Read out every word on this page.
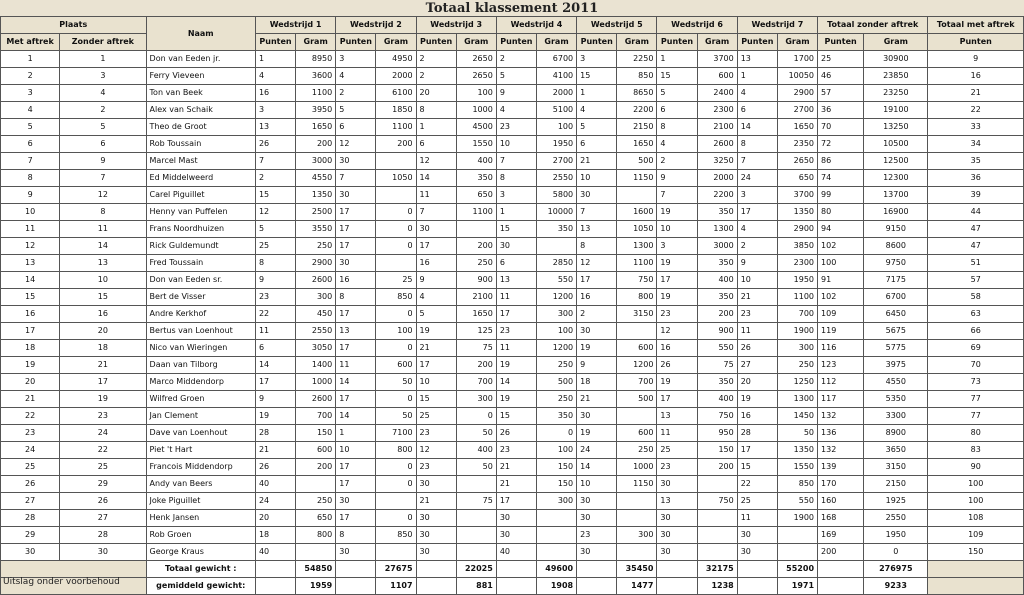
Totaal klassement 2011
Plaats		Naam	Wedstrijd 1		Wedstrijd 2		Wedstrijd 3		Wedstrijd 4		Wedstrijd 5		Wedstrijd 6		Wedstrijd 7		Totaal zonder aftrek		Totaal met aftrek
Met aftrek	Zonder aftrek		Punten	Gram	Punten	Gram	Punten	Gram	Punten	Gram	Punten	Gram	Punten	Gram	Punten	Gram	Punten	Gram	Punten
1	1	Don van Eeden jr.	1	8950	3	4950	2	2650	2	6700	3	2250	1	3700	13	1700	25	30900	9
2	3	Ferry Vieveen	4	3600	4	2000	2	2650	5	4100	15	850	15	600	1	10050	46	23850	16
3	4	Ton van Beek	16	1100	2	6100	20	100	9	2000	1	8650	5	2400	4	2900	57	23250	21
4	2	Alex van Schaik	3	3950	5	1850	8	1000	4	5100	4	2200	6	2300	6	2700	36	19100	22
5	5	Theo de Groot	13	1650	6	1100	1	4500	23	100	5	2150	8	2100	14	1650	70	13250	33
6	6	Rob Toussain	26	200	12	200	6	1550	10	1950	6	1650	4	2600	8	2350	72	10500	34
7	9	Marcel Mast	7	3000	30		12	400	7	2700	21	500	2	3250	7	2650	86	12500	35
8	7	Ed Middelweerd	2	4550	7	1050	14	350	8	2550	10	1150	9	2000	24	650	74	12300	36
9	12	Carel Piguillet	15	1350	30		11	650	3	5800	30		7	2200	3	3700	99	13700	39
10	8	Henny van Puffelen	12	2500	17	0	7	1100	1	10000	7	1600	19	350	17	1350	80	16900	44
11	11	Frans Noordhuizen	5	3550	17	0	30		15	350	13	1050	10	1300	4	2900	94	9150	47
12	14	Rick Guldemundt	25	250	17	0	17	200	30		8	1300	3	3000	2	3850	102	8600	47
13	13	Fred Toussain	8	2900	30		16	250	6	2850	12	1100	19	350	9	2300	100	9750	51
14	10	Don van Eeden sr.	9	2600	16	25	9	900	13	550	17	750	17	400	10	1950	91	7175	57
15	15	Bert de Visser	23	300	8	850	4	2100	11	1200	16	800	19	350	21	1100	102	6700	58
16	16	Andre Kerkhof	22	450	17	0	5	1650	17	300	2	3150	23	200	23	700	109	6450	63
17	20	Bertus van Loenhout	11	2550	13	100	19	125	23	100	30		12	900	11	1900	119	5675	66
18	18	Nico van Wieringen	6	3050	17	0	21	75	11	1200	19	600	16	550	26	300	116	5775	69
19	21	Daan van Tilborg	14	1400	11	600	17	200	19	250	9	1200	26	75	27	250	123	3975	70
20	17	Marco Middendorp	17	1000	14	50	10	700	14	500	18	700	19	350	20	1250	112	4550	73
21	19	Wilfred Groen	9	2600	17	0	15	300	19	250	21	500	17	400	19	1300	117	5350	77
22	23	Jan Clement	19	700	14	50	25	0	15	350	30		13	750	16	1450	132	3300	77
23	24	Dave van Loenhout	28	150	1	7100	23	50	26	0	19	600	11	950	28	50	136	8900	80
24	22	Piet 't Hart	21	600	10	800	12	400	23	100	24	250	25	150	17	1350	132	3650	83
25	25	Francois Middendorp	26	200	17	0	23	50	21	150	14	1000	23	200	15	1550	139	3150	90
26	29	Andy van Beers	40		17	0	30		21	150	10	1150	30		22	850	170	2150	100
27	26	Joke Piguillet	24	250	30		21	75	17	300	30		13	750	25	550	160	1925	100
28	27	Henk Jansen	20	650	17	0	30		30		30		30		11	1900	168	2550	108
29	28	Rob Groen	18	800	8	850	30		30		23	300	30		30		169	1950	109
30	30	George Kraus	40		30		30		40		30		30		30		200	0	150
		Totaal gewicht :		54850		27675		22025		49600		35450		32175		55200		276975	
		gemiddeld gewicht:		1959		1107		881		1908		1477		1238		1971		9233	
Uitslag onder voorbehoud
